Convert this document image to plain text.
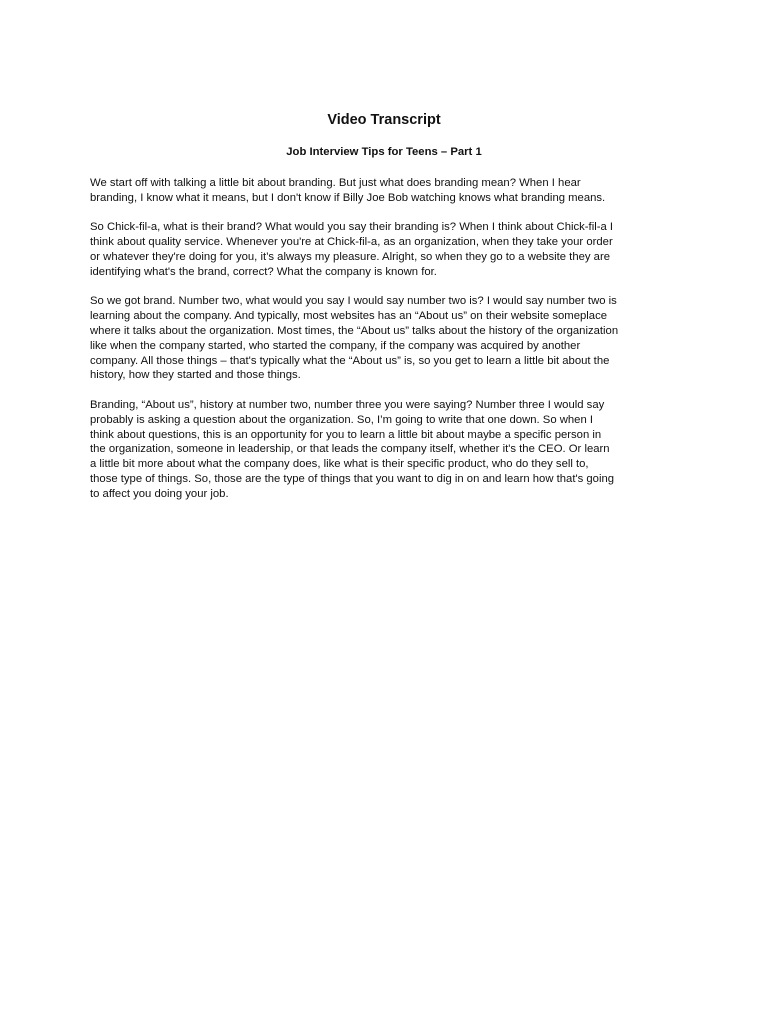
Video Transcript
Job Interview Tips for Teens – Part 1

We start off with talking a little bit about branding. But just what does branding mean? When I hear
branding, I know what it means, but I don't know if Billy Joe Bob watching knows what branding means.

So Chick-fil-a, what is their brand? What would you say their branding is? When I think about Chick-fil-a I
think about quality service. Whenever you're at Chick-fil-a, as an organization, when they take your order
or whatever they're doing for you, it’s always my pleasure. Alright, so when they go to a website they are
identifying what's the brand, correct? What the company is known for.

So we got brand. Number two, what would you say I would say number two is? I would say number two is
learning about the company. And typically, most websites has an “About us” on their website someplace
where it talks about the organization. Most times, the “About us” talks about the history of the organization
like when the company started, who started the company, if the company was acquired by another
company. All those things – that's typically what the “About us” is, so you get to learn a little bit about the
history, how they started and those things.

Branding, “About us”, history at number two, number three you were saying? Number three I would say
probably is asking a question about the organization. So, I’m going to write that one down. So when I
think about questions, this is an opportunity for you to learn a little bit about maybe a specific person in
the organization, someone in leadership, or that leads the company itself, whether it's the CEO. Or learn
a little bit more about what the company does, like what is their specific product, who do they sell to,
those type of things. So, those are the type of things that you want to dig in on and learn how that's going
to affect you doing your job.
